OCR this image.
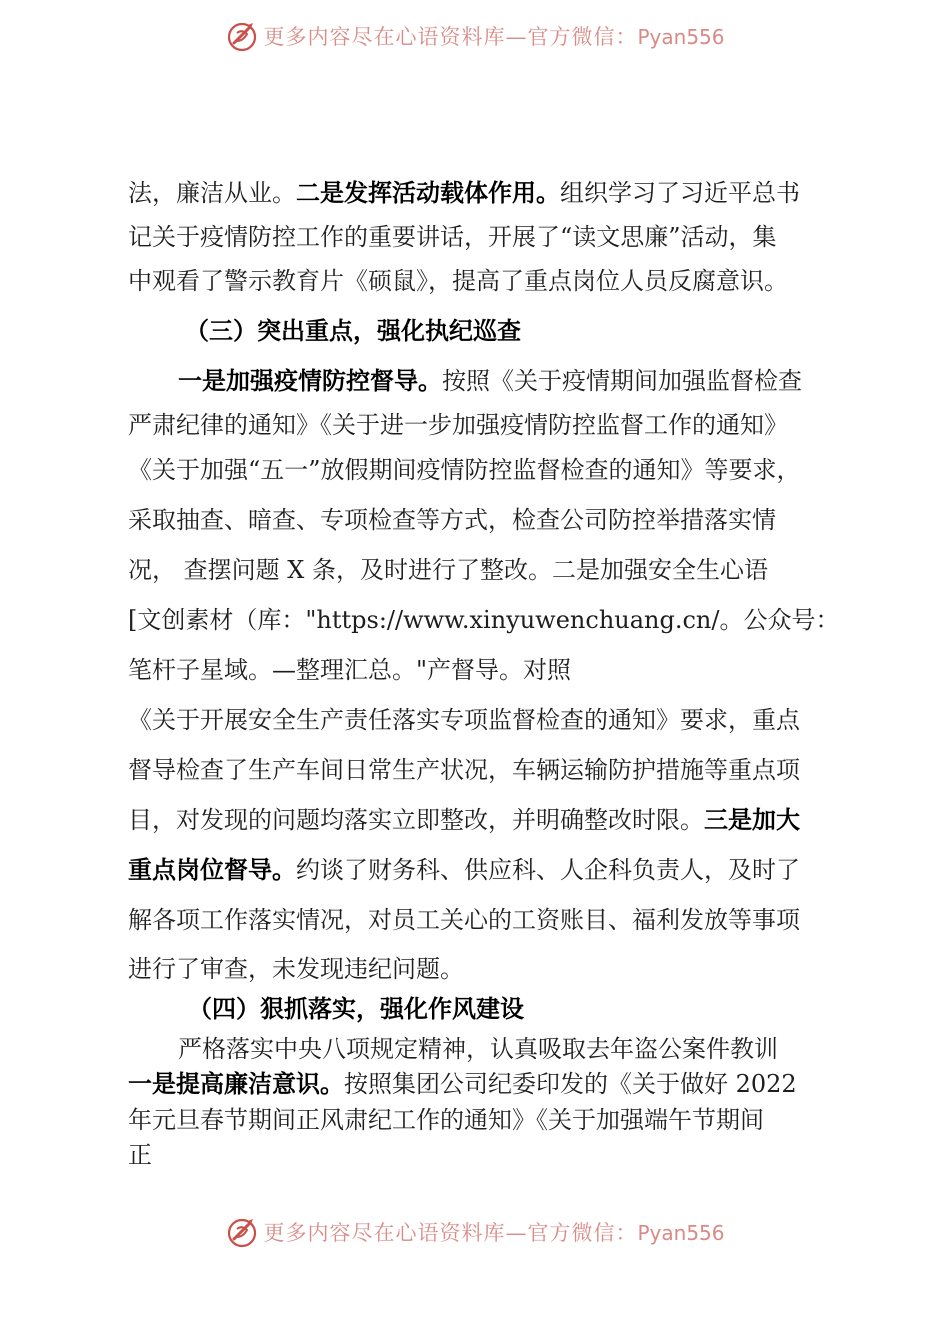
更多内容尽在心语资料库—官方微信：Pyan556
法，廉洁从业。二是发挥活动载体作用。组织学习了习近平总书
记关于疫情防控工作的重要讲话，开展了“读文思廉”活动，集
中观看了警示教育片《硕鼠》，提高了重点岗位人员反腐意识。
（三）突出重点，强化执纪巡查
一是加强疫情防控督导。按照《关于疫情期间加强监督检查
严肃纪律的通知》《关于进一步加强疫情防控监督工作的通知》
《关于加强“五一”放假期间疫情防控监督检查的通知》等要求，
采取抽查、暗查、专项检查等方式，检查公司防控举措落实情
况， 查摆问题 X 条，及时进行了整改。二是加强安全生心语
[文创素材（库："https://www.xinyuwenchuang.cn/。公众号：
笔杆子星域。—整理汇总。"产督导。对照
《关于开展安全生产责任落实专项监督检查的通知》要求，重点
督导检查了生产车间日常生产状况，车辆运输防护措施等重点项
目，对发现的问题均落实立即整改，并明确整改时限。三是加大
重点岗位督导。约谈了财务科、供应科、人企科负责人，及时了
解各项工作落实情况，对员工关心的工资账目、福利发放等事项
进行了审查，未发现违纪问题。
（四）狠抓落实，强化作风建设
严格落实中央八项规定精神，认真吸取去年盗公案件教训
一是提高廉洁意识。按照集团公司纪委印发的《关于做好 2022
年元旦春节期间正风肃纪工作的通知》《关于加强端午节期间
正
更多内容尽在心语资料库—官方微信：Pyan556
